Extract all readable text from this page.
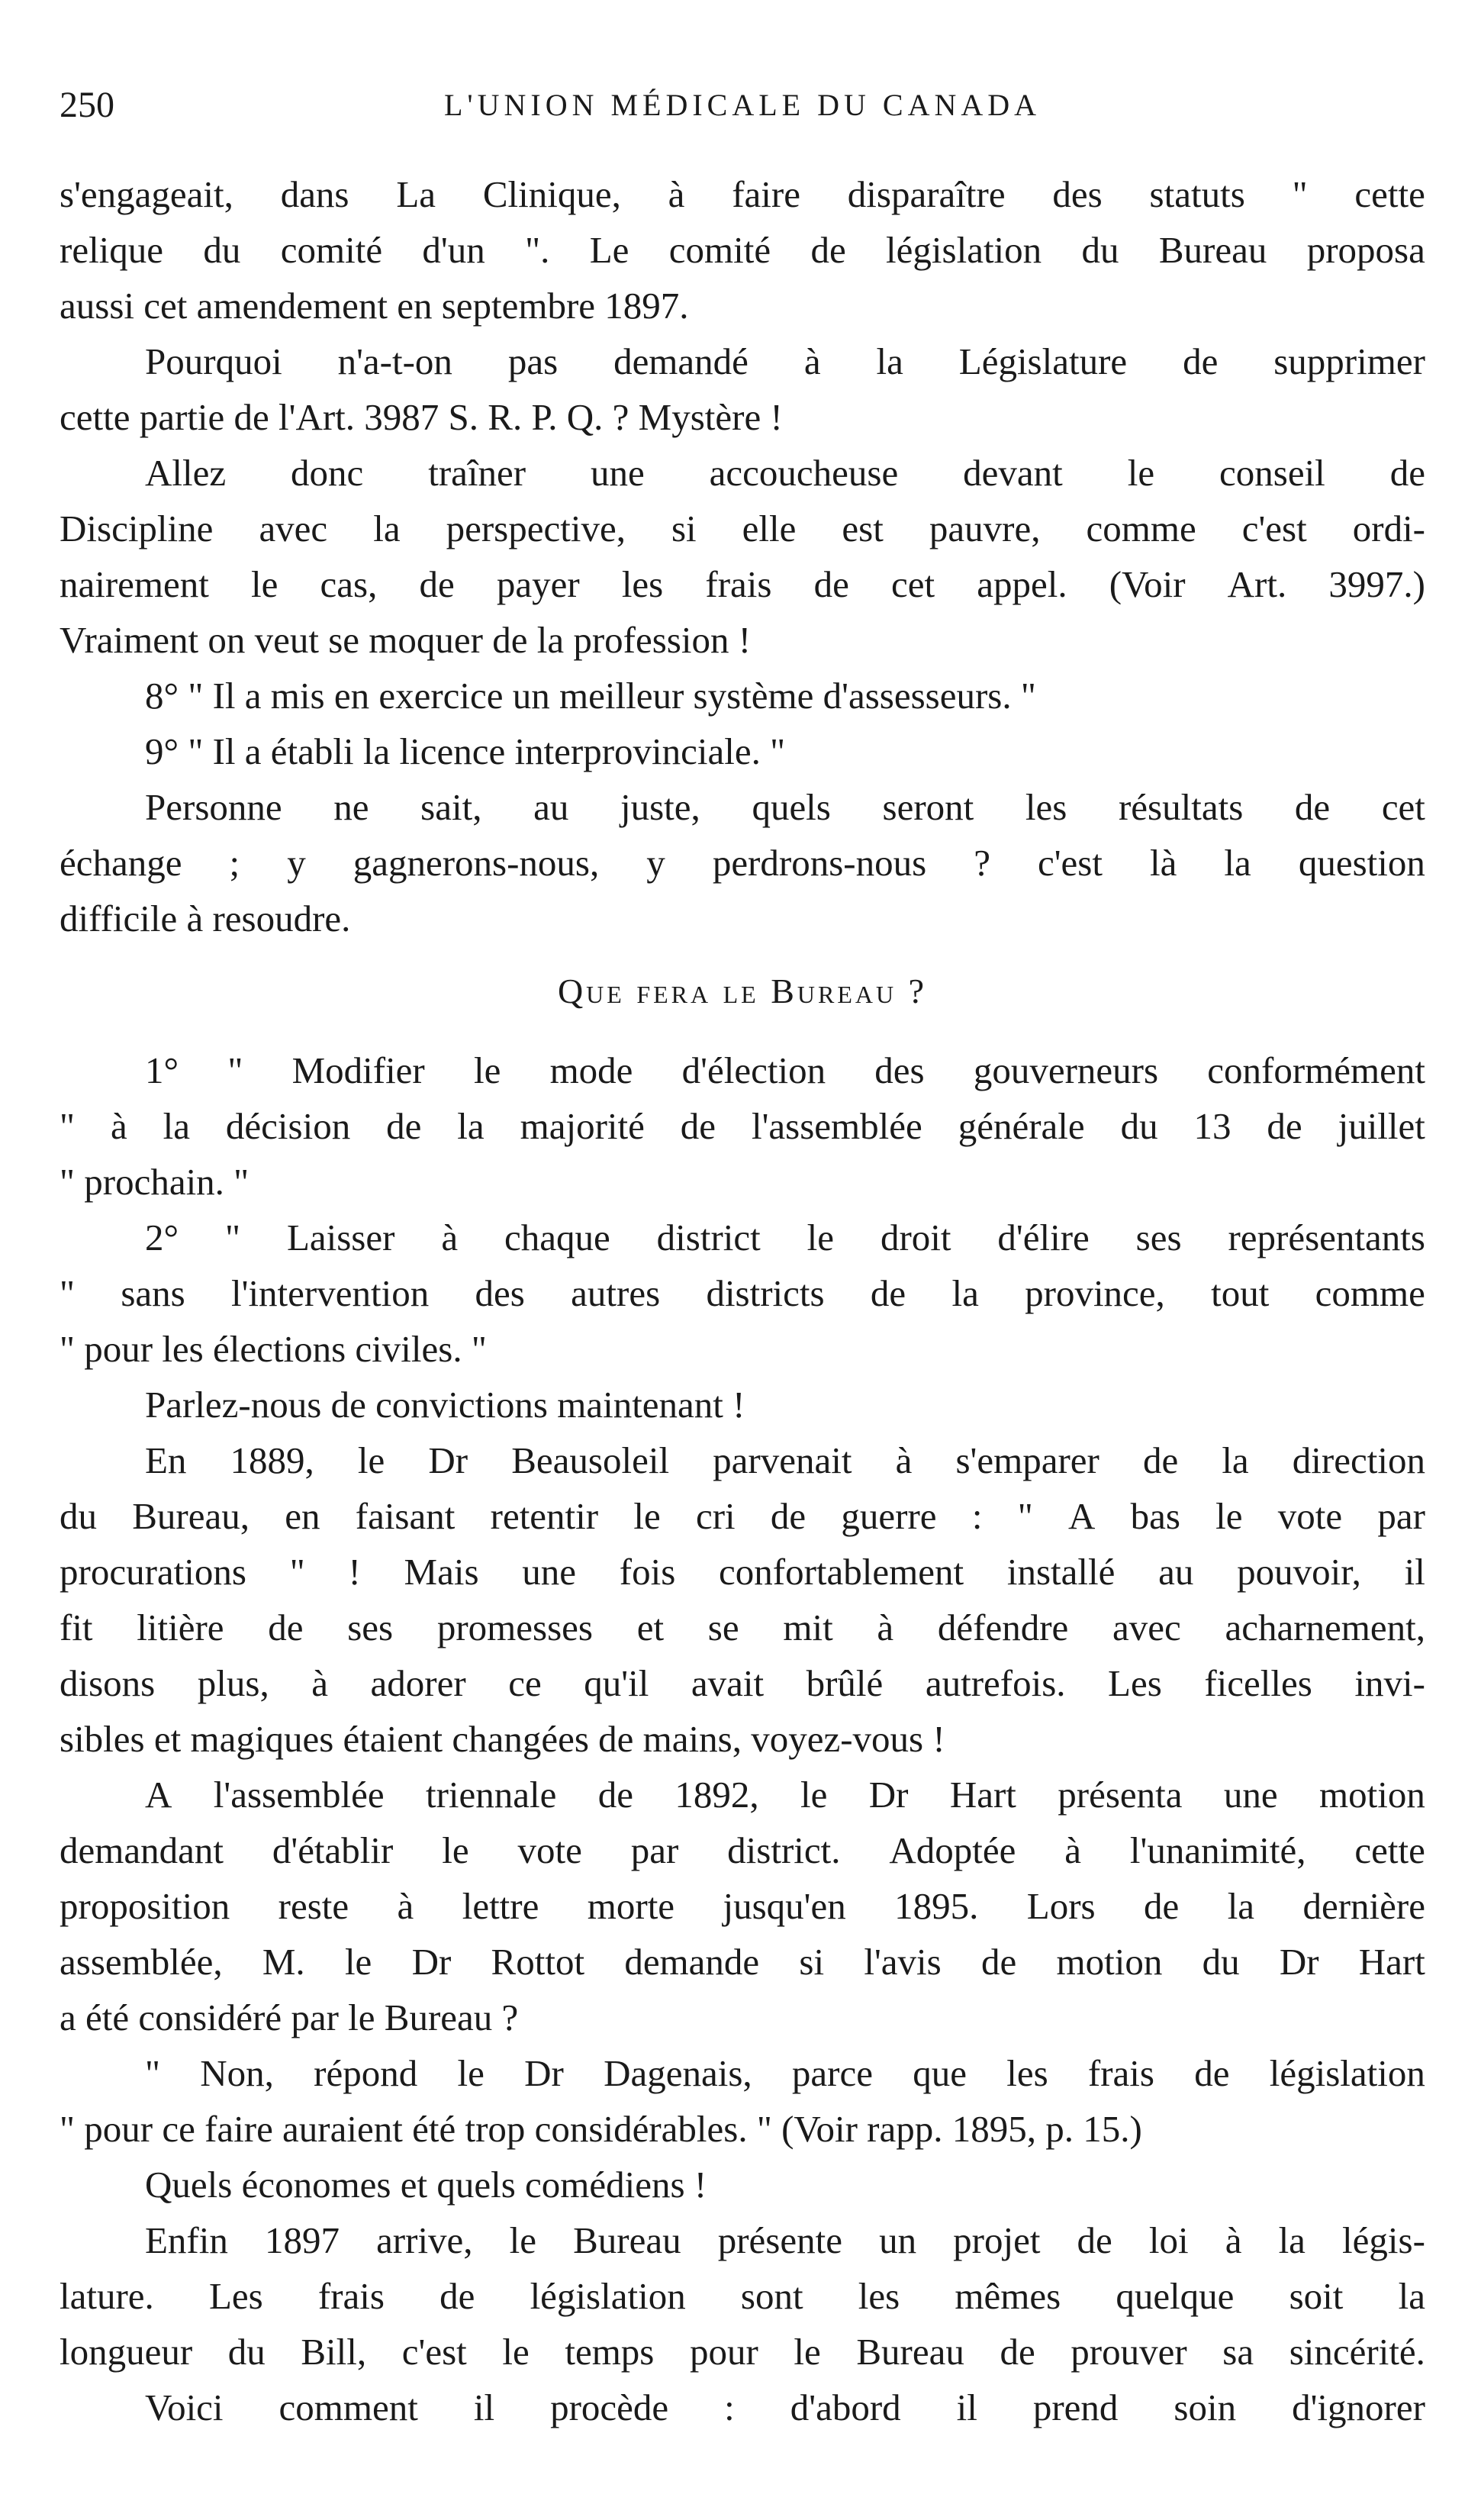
250	L'UNION MÉDICALE DU CANADA
s'engageait, dans La Clinique, à faire disparaître des statuts " cette
relique du comité d'un ". Le comité de législation du Bureau proposa
aussi cet amendement en septembre 1897.
Pourquoi n'a-t-on pas demandé à la Législature de supprimer
cette partie de l'Art. 3987 S. R. P. Q. ? Mystère !
Allez donc traîner une accoucheuse devant le conseil de
Discipline avec la perspective, si elle est pauvre, comme c'est ordi-
nairement le cas, de payer les frais de cet appel. (Voir Art. 3997.)
Vraiment on veut se moquer de la profession !
8° " Il a mis en exercice un meilleur système d'assesseurs. "
9° " Il a établi la licence interprovinciale. "
Personne ne sait, au juste, quels seront les résultats de cet
échange ; y gagnerons-nous, y perdrons-nous ? c'est là la question
difficile à resoudre.
Que fera le Bureau ?
1° " Modifier le mode d'élection des gouverneurs conformément
" à la décision de la majorité de l'assemblée générale du 13 de juillet
" prochain. "
2° " Laisser à chaque district le droit d'élire ses représentants
" sans l'intervention des autres districts de la province, tout comme
" pour les élections civiles. "
Parlez-nous de convictions maintenant !
En 1889, le Dr Beausoleil parvenait à s'emparer de la direction
du Bureau, en faisant retentir le cri de guerre : " A bas le vote par
procurations " ! Mais une fois confortablement installé au pouvoir, il
fit litière de ses promesses et se mit à défendre avec acharnement,
disons plus, à adorer ce qu'il avait brûlé autrefois. Les ficelles invi-
sibles et magiques étaient changées de mains, voyez-vous !
A l'assemblée triennale de 1892, le Dr Hart présenta une motion
demandant d'établir le vote par district. Adoptée à l'unanimité, cette
proposition reste à lettre morte jusqu'en 1895. Lors de la dernière
assemblée, M. le Dr Rottot demande si l'avis de motion du Dr Hart
a été considéré par le Bureau ?
" Non, répond le Dr Dagenais, parce que les frais de législation
" pour ce faire auraient été trop considérables. " (Voir rapp. 1895, p. 15.)
Quels économes et quels comédiens !
Enfin 1897 arrive, le Bureau présente un projet de loi à la légis-
lature. Les frais de législation sont les mêmes quelque soit la
longueur du Bill, c'est le temps pour le Bureau de prouver sa sincérité.
Voici comment il procède : d'abord il prend soin d'ignorer
